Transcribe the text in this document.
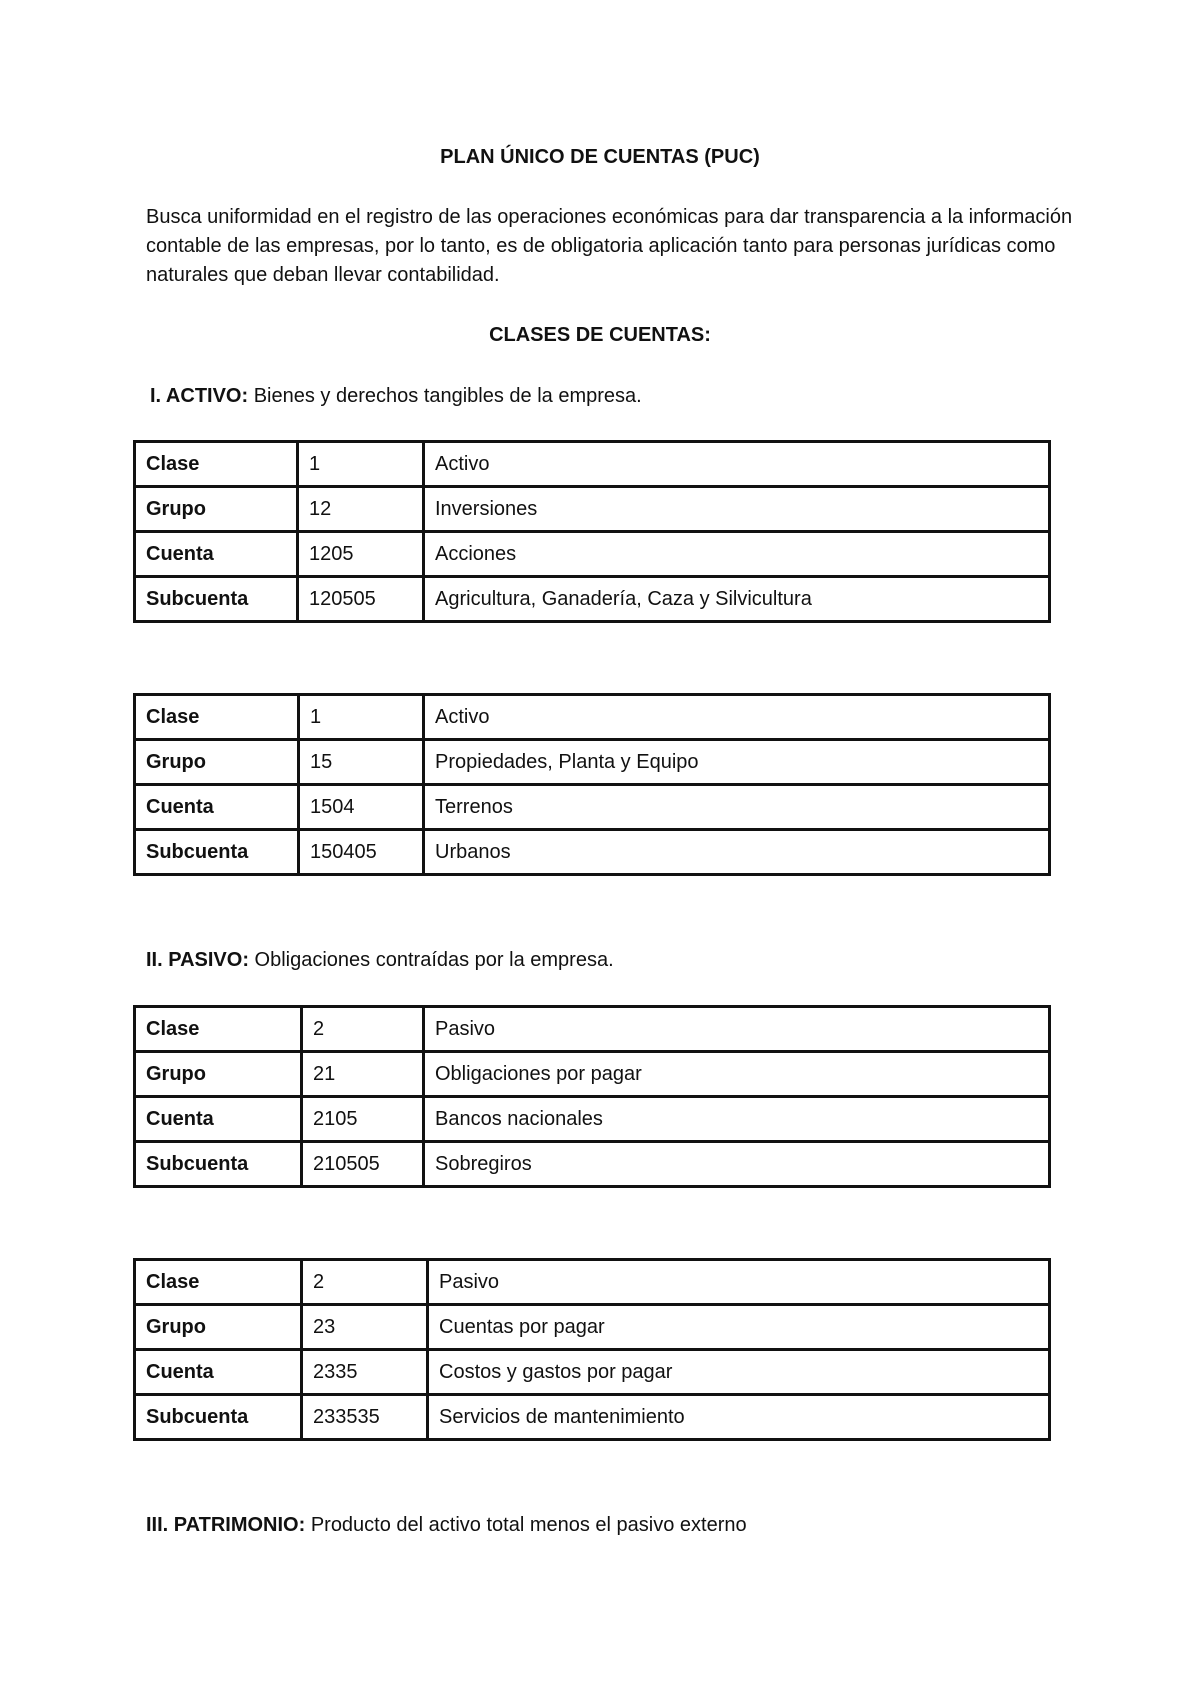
PLAN ÚNICO DE CUENTAS (PUC)

Busca uniformidad en el registro de las operaciones económicas para dar transparencia a la información contable de las empresas, por lo tanto, es de obligatoria aplicación tanto para personas jurídicas como naturales que deban llevar contabilidad.

CLASES DE CUENTAS:
I. ACTIVO: Bienes y derechos tangibles de la empresa.
Clase	1	Activo
Grupo	12	Inversiones
Cuenta	1205	Acciones
Subcuenta	120505	Agricultura, Ganadería, Caza y Silvicultura
Clase	1	Activo
Grupo	15	Propiedades, Planta y Equipo
Cuenta	1504	Terrenos
Subcuenta	150405	Urbanos
II. PASIVO: Obligaciones contraídas por la empresa.
Clase	2	Pasivo
Grupo	21	Obligaciones por pagar
Cuenta	2105	Bancos nacionales
Subcuenta	210505	Sobregiros
Clase	2	Pasivo
Grupo	23	Cuentas por pagar
Cuenta	2335	Costos y gastos por pagar
Subcuenta	233535	Servicios de mantenimiento
III. PATRIMONIO: Producto del activo total menos el pasivo externo
